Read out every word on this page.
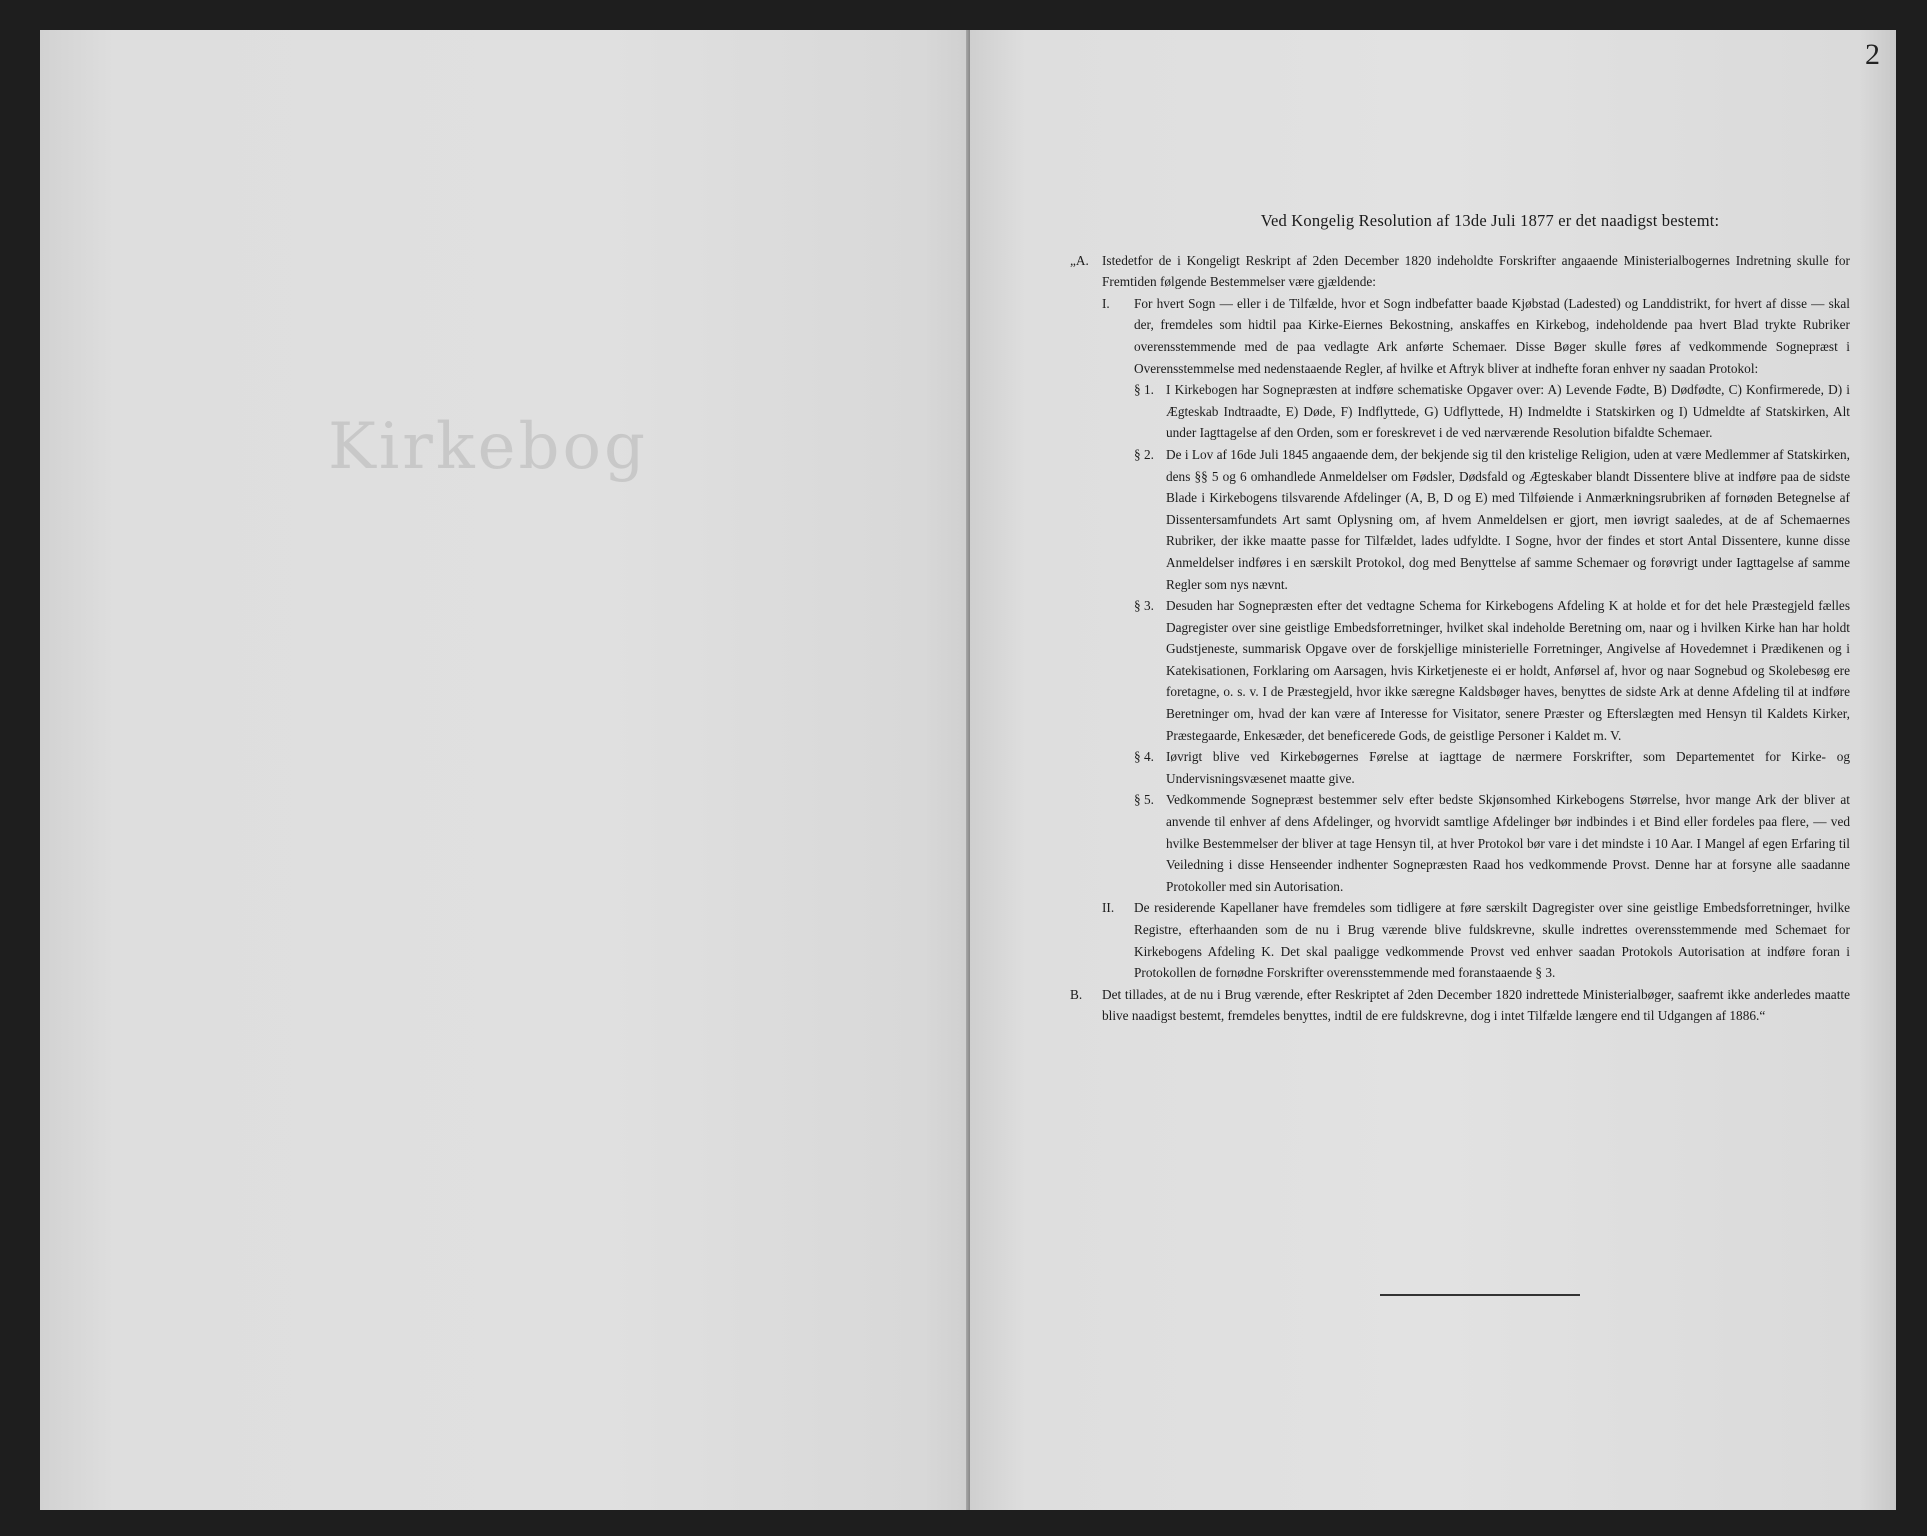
Kirkebog
2
Ved Kongelig Resolution af 13de Juli 1877 er det naadigst bestemt:
„A. Istedetfor de i Kongeligt Reskript af 2den December 1820 indeholdte Forskrifter angaaende Ministerialbogernes Indretning skulle for Fremtiden følgende Bestemmelser være gjældende:
I.	For hvert Sogn — eller i de Tilfælde, hvor et Sogn indbefatter baade Kjøbstad (Ladested) og Landdistrikt, for hvert af disse — skal der, fremdeles som hidtil paa Kirke-Eiernes Bekostning, anskaffes en Kirkebog, indeholdende paa hvert Blad trykte Rubriker overensstemmende med de paa vedlagte Ark anførte Schemaer. Disse Bøger skulle føres af vedkommende Sognepræst i Overensstemmelse med nedenstaaende Regler, af hvilke et Aftryk bliver at indhefte foran enhver ny saadan Protokol:
§ 1. I Kirkebogen har Sognepræsten at indføre schematiske Opgaver over: A) Levende Fødte, B) Dødfødte, C) Konfirmerede, D) i Ægteskab Indtraadte, E) Døde, F) Indflyttede, G) Udflyttede, H) Indmeldte i Statskirken og I) Udmeldte af Statskirken, Alt under Iagttagelse af den Orden, som er foreskrevet i de ved nærværende Resolution bifaldte Schemaer.
§ 2. De i Lov af 16de Juli 1845 angaaende dem, der bekjende sig til den kristelige Religion, uden at være Medlemmer af Statskirken, dens §§ 5 og 6 omhandlede Anmeldelser om Fødsler, Dødsfald og Ægteskaber blandt Dissentere blive at indføre paa de sidste Blade i Kirkebogens tilsvarende Afdelinger (A, B, D og E) med Tilføiende i Anmærkningsrubriken af fornøden Betegnelse af Dissentersamfundets Art samt Oplysning om, af hvem Anmeldelsen er gjort, men iøvrigt saaledes, at de af Schemaernes Rubriker, der ikke maatte passe for Tilfældet, lades udfyldte. I Sogne, hvor der findes et stort Antal Dissentere, kunne disse Anmeldelser indføres i en særskilt Protokol, dog med Benyttelse af samme Schemaer og forøvrigt under Iagttagelse af samme Regler som nys nævnt.
§ 3. Desuden har Sognepræsten efter det vedtagne Schema for Kirkebogens Afdeling K at holde et for det hele Præstegjeld fælles Dagregister over sine geistlige Embedsforretninger, hvilket skal indeholde Beretning om, naar og i hvilken Kirke han har holdt Gudstjeneste, summarisk Opgave over de forskjellige ministerielle Forretninger, Angivelse af Hovedemnet i Prædikenen og i Katekisationen, Forklaring om Aarsagen, hvis Kirketjeneste ei er holdt, Anførsel af, hvor og naar Sognebud og Skolebesøg ere foretagne, o. s. v. I de Præstegjeld, hvor ikke særegne Kaldsbøger haves, benyttes de sidste Ark at denne Afdeling til at indføre Beretninger om, hvad der kan være af Interesse for Visitator, senere Præster og Efterslægten med Hensyn til Kaldets Kirker, Præstegaarde, Enkesæder, det beneficerede Gods, de geistlige Personer i Kaldet m. V.
§ 4. Iøvrigt blive ved Kirkebøgernes Førelse at iagttage de nærmere Forskrifter, som Departementet for Kirke- og Undervisningsvæsenet maatte give.
§ 5. Vedkommende Sognepræst bestemmer selv efter bedste Skjønsomhed Kirkebogens Størrelse, hvor mange Ark der bliver at anvende til enhver af dens Afdelinger, og hvorvidt samtlige Afdelinger bør indbindes i et Bind eller fordeles paa flere, — ved hvilke Bestemmelser der bliver at tage Hensyn til, at hver Protokol bør vare i det mindste i 10 Aar. I Mangel af egen Erfaring til Veiledning i disse Henseender indhenter Sognepræsten Raad hos vedkommende Provst. Denne har at forsyne alle saadanne Protokoller med sin Autorisation.
II.	De residerende Kapellaner have fremdeles som tidligere at føre særskilt Dagregister over sine geistlige Embedsforretninger, hvilke Registre, efterhaanden som de nu i Brug værende blive fuldskrevne, skulle indrettes overensstemmende med Schemaet for Kirkebogens Afdeling K. Det skal paaligge vedkommende Provst ved enhver saadan Protokols Autorisation at indføre foran i Protokollen de fornødne Forskrifter overensstemmende med foranstaaende § 3.
B.	Det tillades, at de nu i Brug værende, efter Reskriptet af 2den December 1820 indrettede Ministerialbøger, saafremt ikke anderledes maatte blive naadigst bestemt, fremdeles benyttes, indtil de ere fuldskrevne, dog i intet Tilfælde længere end til Udgangen af 1886.“
